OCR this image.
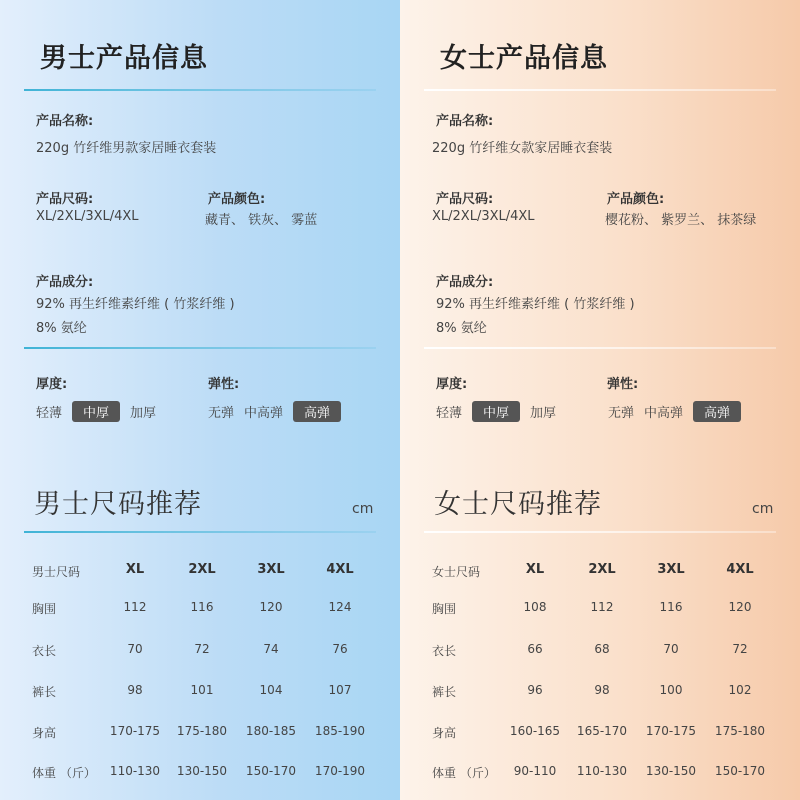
男士产品信息
产品名称:
220g 竹纤维男款家居睡衣套装
产品尺码:
XL/2XL/3XL/4XL
产品颜色:
藏青、 铁灰、 雾蓝
产品成分:
92% 再生纤维素纤维 ( 竹浆纤维 )
8% 氨纶
厚度:
轻薄	中厚	加厚
弹性:
无弹 中高弹	高弹
男士尺码推荐	cm
男士尺码	XL	2XL	3XL	4XL
胸围	112	116	120	124
衣长	70	72	74	76
裤长	98	101	104	107
身高	170-175 175-180 180-185 185-190
体重 （斤） 110-130 130-150 150-170 170-190
女士产品信息
产品名称:
220g 竹纤维女款家居睡衣套装
产品尺码:
XL/2XL/3XL/4XL
产品颜色:
樱花粉、 紫罗兰、 抹茶绿
产品成分:
92% 再生纤维素纤维 ( 竹浆纤维 )
8% 氨纶
厚度:
轻薄	中厚	加厚
弹性:
无弹 中高弹	高弹
女士尺码推荐	cm
女士尺码	XL	2XL	3XL	4XL
胸围	108	112	116	120
衣长	66	68	70	72
裤长	96	98	100	102
身高	160-165 165-170 170-175 175-180
体重 （斤） 90-110 110-130 130-150 150-170
